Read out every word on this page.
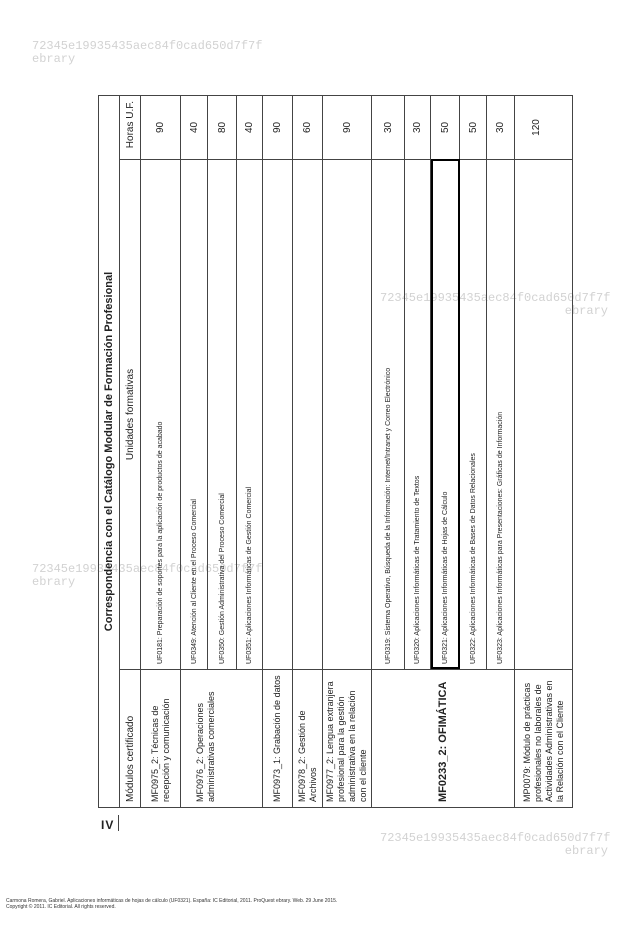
72345e19935435aec84f0cad650d7f7f
ebrary
72345e19935435aec84f0cad650d7f7f
ebrary
72345e19935435aec84f0cad650d7f7f
ebrary
72345e19935435aec84f0cad650d7f7f
ebrary
Correspondencia con el Catálogo Modular de Formación Profesional		
Módulos certificado	Unidades formativas	Horas U.F.
MF0975_2: Técnicas de recepción y comunicación	UF0181: Preparación de soportes para la aplicación de productos de acabado	90
MF0976_2: Operaciones administrativas comerciales	UF0349: Atención al Cliente en el Proceso Comercial	40
	UF0350: Gestión Administrativa del Proceso Comercial	80
	UF0351: Aplicaciones Informáticas de Gestión Comercial	40
MF0973_1: Grabación de datos		90
MF0978_2: Gestión de Archivos		60
MF0977_2: Lengua extranjera profesional para la gestión administrativa en la relación con el cliente		90
MF0233_2: OFIMÁTICA	UF0319: Sistema Operativo, Búsqueda de la Información: Internet/Intranet y Correo Electrónico	30
	UF0320: Aplicaciones Informáticas de Tratamiento de Textos	30
	UF0321: Aplicaciones Informáticas de Hojas de Cálculo	50
	UF0322: Aplicaciones Informáticas de Bases de Datos Relacionales	50
	UF0323: Aplicaciones Informáticas para Presentaciones: Gráficas de Información	30
MP0079: Módulo de prácticas profesionales no laborales de Actividades Administrativas en la Relación con el Cliente		120
IV
Carmona Romera, Gabriel. Aplicaciones informáticas de hojas de cálculo (UF0321). España: IC Editorial, 2011. ProQuest ebrary. Web. 29 June 2015.
Copyright © 2011. IC Editorial. All rights reserved.
